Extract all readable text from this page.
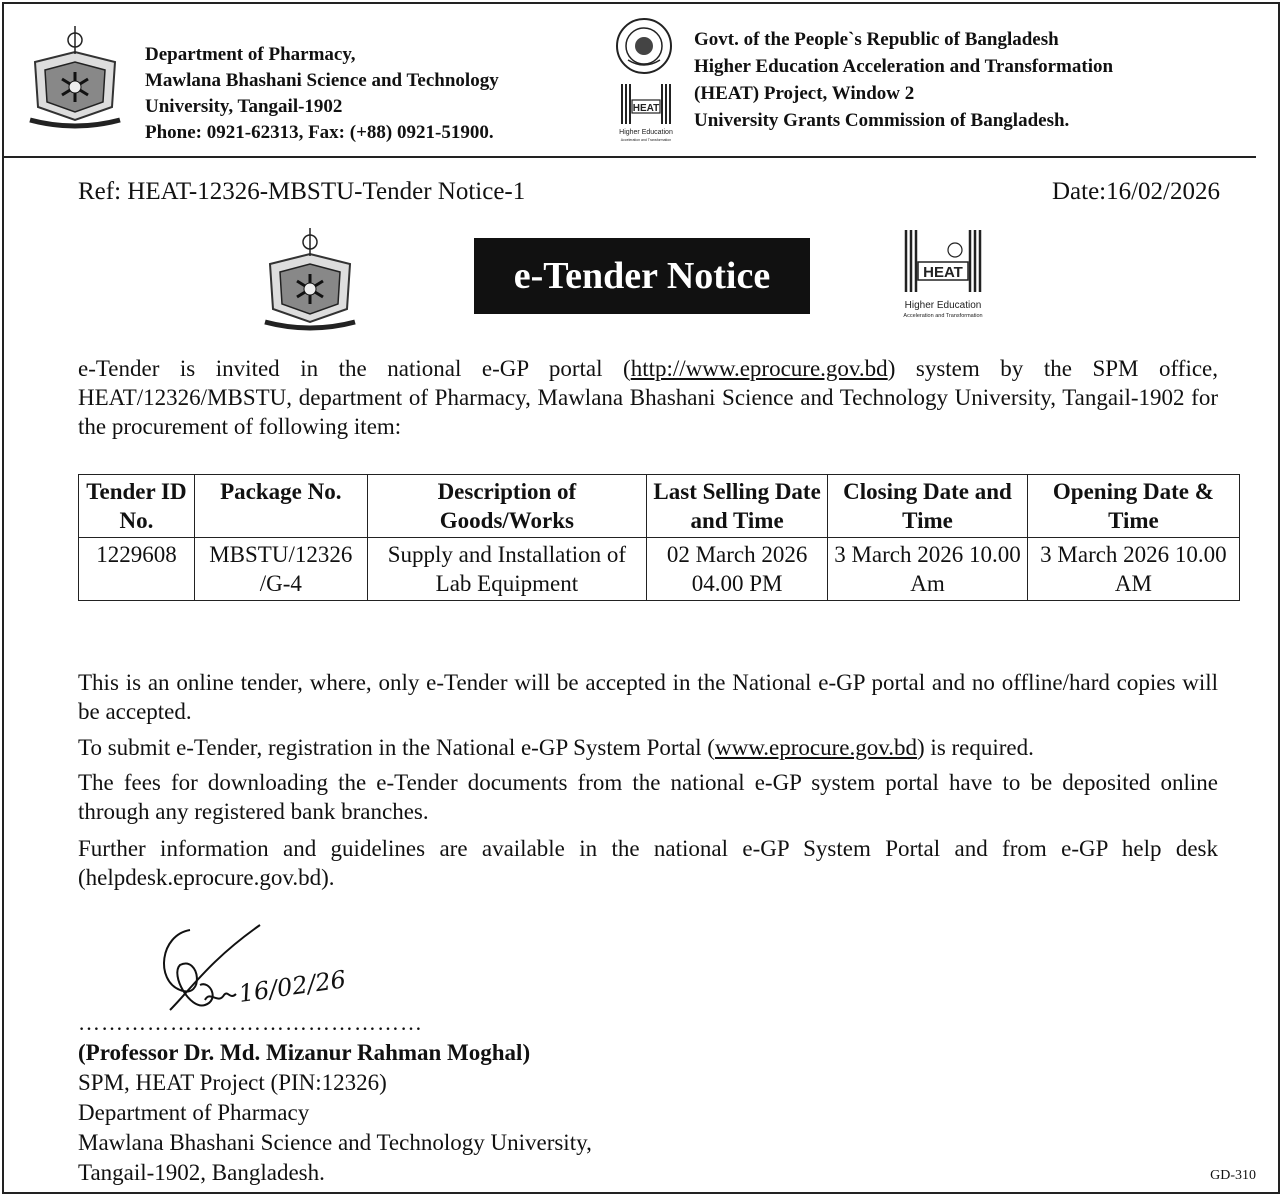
Department of Pharmacy,
Mawlana Bhashani Science and Technology
University, Tangail-1902
Phone: 0921-62313, Fax: (+88) 0921-51900.
HEAT
Higher Education
Acceleration and Transformation
Govt. of the People`s Republic of Bangladesh
Higher Education Acceleration and Transformation
(HEAT) Project, Window 2
University Grants Commission of Bangladesh.
Ref: HEAT-12326-MBSTU-Tender Notice-1	Date:16/02/2026
e-Tender Notice	HEAT
Higher Education
Acceleration and Transformation
e-Tender is invited in the national e-GP portal (http://www.eprocure.gov.bd) system by the SPM office, HEAT/12326/MBSTU, department of Pharmacy, Mawlana Bhashani Science and Technology University, Tangail-1902 for the procurement of following item:
Tender ID No.	Package No.	Description of Goods/Works	Last Selling Date and Time	Closing Date and Time	Opening Date & Time
1229608	MBSTU/12326 /G-4	Supply and Installation of Lab Equipment	02 March 2026 04.00 PM	3 March 2026 10.00 Am	3 March 2026 10.00 AM
This is an online tender, where, only e-Tender will be accepted in the National e-GP portal and no offline/hard copies will be accepted.
To submit e-Tender, registration in the National e-GP System Portal (www.eprocure.gov.bd) is required.
The fees for downloading the e-Tender documents from the national e-GP system portal have to be deposited online through any registered bank branches.
Further information and guidelines are available in the national e-GP System Portal and from e-GP help desk (helpdesk.eprocure.gov.bd).
16/02/26
………………………………………
(Professor Dr. Md. Mizanur Rahman Moghal)
SPM, HEAT Project (PIN:12326)
Department of Pharmacy
Mawlana Bhashani Science and Technology University,
Tangail-1902, Bangladesh.	GD-310
